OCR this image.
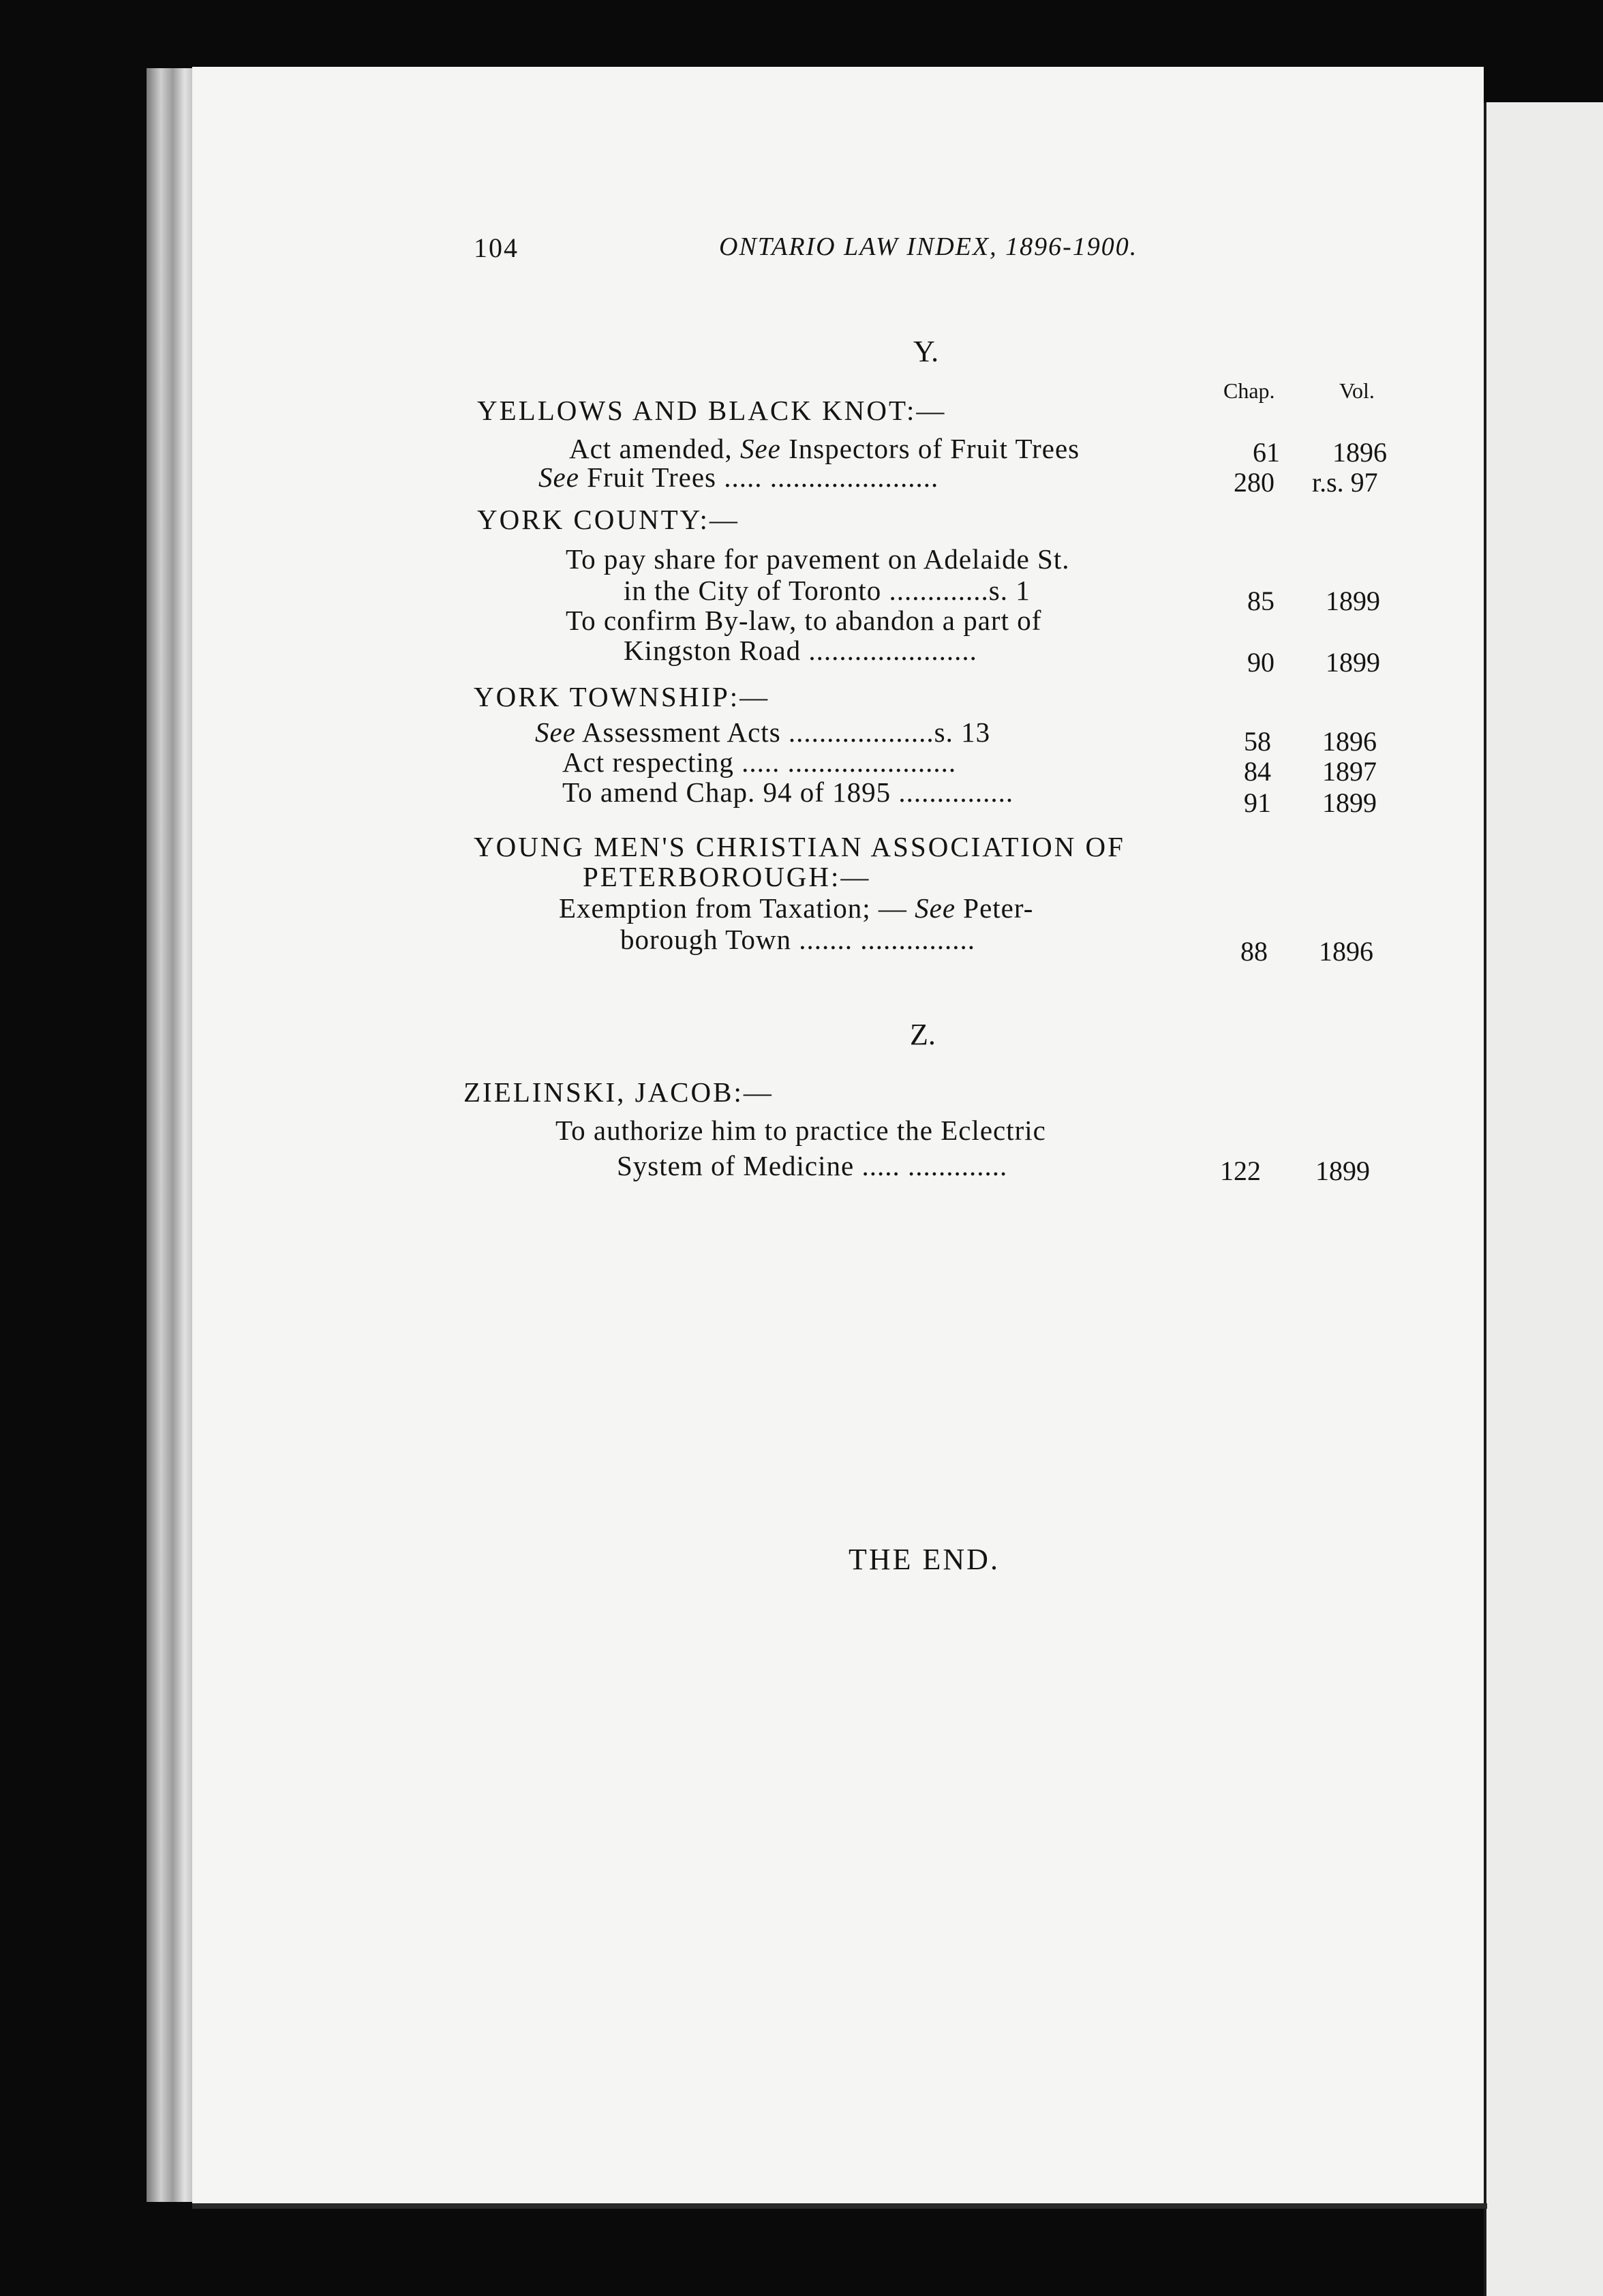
104	ONTARIO LAW INDEX, 1896-1900.
Y.
Chap.	Vol.
YELLOWS AND BLACK KNOT:—
Act amended, See Inspectors of Fruit Trees	61 1896
See Fruit Trees ..... ......................	280 r.s. 97
YORK COUNTY:—
To pay share for pavement on Adelaide St.
in the City of Toronto .............s. 1	85 1899
To confirm By-law, to abandon a part of
Kingston Road ......................	90 1899
YORK TOWNSHIP:—
See Assessment Acts ...................s. 13	58 1896
Act respecting ..... ......................	84 1897
To amend Chap. 94 of 1895 ...............	91 1899
YOUNG MEN'S CHRISTIAN ASSOCIATION OF
PETERBOROUGH:—
Exemption from Taxation; — See Peter-
borough Town ....... ...............	88 1896
Z.
ZIELINSKI, JACOB:—
To authorize him to practice the Eclectric
System of Medicine ..... .............	122 1899
THE END.
